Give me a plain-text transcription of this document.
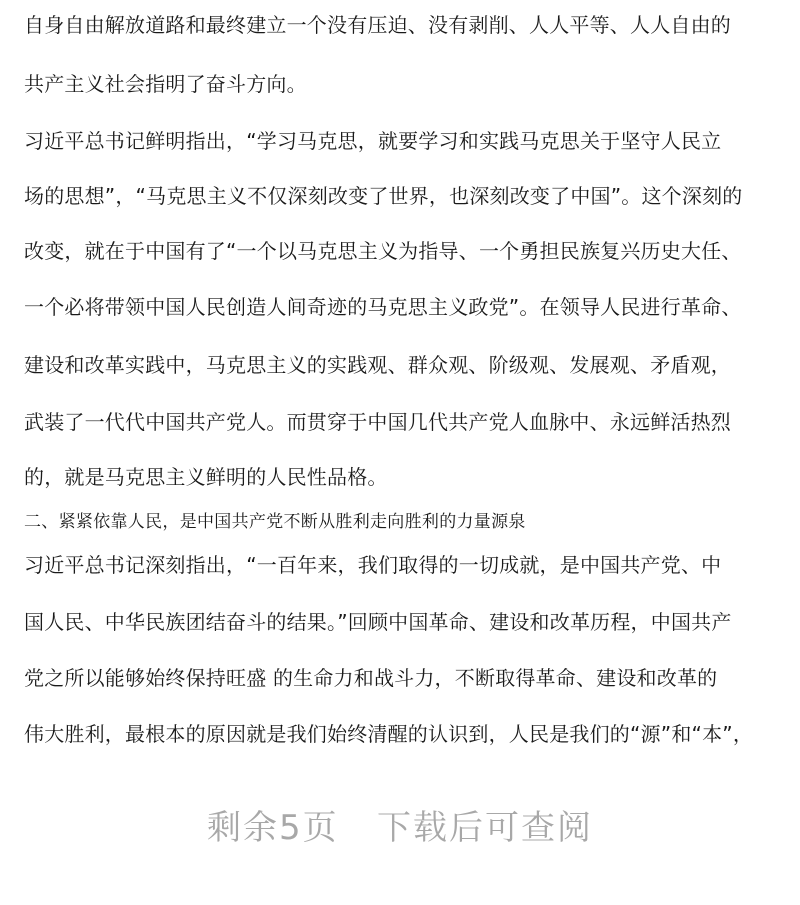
自身自由解放道路和最终建立一个没有压迫、没有剥削、人人平等、人人自由的
共产主义社会指明了奋斗方向。
习近平总书记鲜明指出，“学习马克思，就要学习和实践马克思关于坚守人民立
场的思想”，“马克思主义不仅深刻改变了世界，也深刻改变了中国”。这个深刻的
改变，就在于中国有了“一个以马克思主义为指导、一个勇担民族复兴历史大任、
一个必将带领中国人民创造人间奇迹的马克思主义政党”。在领导人民进行革命、
建设和改革实践中，马克思主义的实践观、群众观、阶级观、发展观、矛盾观，
武装了一代代中国共产党人。而贯穿于中国几代共产党人血脉中、永远鲜活热烈
的，就是马克思主义鲜明的人民性品格。
二、紧紧依靠人民，是中国共产党不断从胜利走向胜利的力量源泉
习近平总书记深刻指出，“一百年来，我们取得的一切成就，是中国共产党、中
国人民、中华民族团结奋斗的结果。”回顾中国革命、建设和改革历程，中国共产
党之所以能够始终保持旺盛 的生命力和战斗力，不断取得革命、建设和改革的
伟大胜利，最根本的原因就是我们始终清醒的认识到，人民是我们的“源”和“本”，
剩余5页 下载后可查阅
